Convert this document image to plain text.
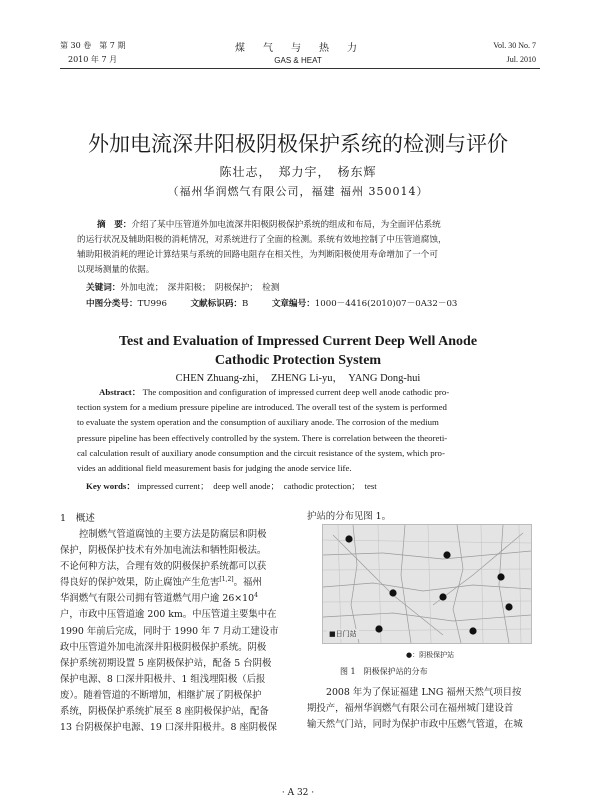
第 30 卷　第 7 期
2010 年 7 月
煤　气　与　热　力
GAS & HEAT
Vol. 30 No. 7
Jul. 2010
外加电流深井阳极阴极保护系统的检测与评价
陈壮志，　郑力宇，　杨东辉
（福州华润燃气有限公司，福建 福州 350014）
摘　要：介绍了某中压管道外加电流深井阳极阴极保护系统的组成和布局，为全面评估系统
的运行状况及辅助阳极的消耗情况，对系统进行了全面的检测。系统有效地控制了中压管道腐蚀，
辅助阳极消耗的理论计算结果与系统的回路电阻存在相关性，为判断阳极使用寿命增加了一个可
以现场测量的依据。
关键词：外加电流；　深井阳极；　阴极保护；　检测
中图分类号：TU996	文献标识码：B	文章编号：1000－4416(2010)07－0A32－03
Test and Evaluation of Impressed Current Deep Well Anode
Cathodic Protection System
CHEN Zhuang-zhi，　ZHENG Li-yu，　YANG Dong-hui
Abstract： The composition and configuration of impressed current deep well anode cathodic pro-
tection system for a medium pressure pipeline are introduced. The overall test of the system is performed
to evaluate the system operation and the consumption of auxiliary anode. The corrosion of the medium
pressure pipeline has been effectively controlled by the system. There is correlation between the theoreti-
cal calculation result of auxiliary anode consumption and the circuit resistance of the system, which pro-
vides an additional field measurement basis for judging the anode service life.
Key words： impressed current；　deep well anode；　cathodic protection；　test
1　概述
控制燃气管道腐蚀的主要方法是防腐层和阴极
保护，阴极保护技术有外加电流法和牺牲阳极法。
不论何种方法，合理有效的阴极保护系统都可以获
得良好的保护效果，防止腐蚀产生危害[1,2]。福州
华润燃气有限公司拥有管道燃气用户逾 $26\times 10^4$
户，市政中压管道逾 200 km。中压管道主要集中在
1990 年前后完成，同时于 1990 年 7 月动工建设市
政中压管道外加电流深井阳极阴极保护系统。阴极
保护系统初期设置 5 座阴极保护站，配备 5 台阴极
保护电源、8 口深井阳极井、1 组浅埋阳极（后报
废）。随着管道的不断增加，相继扩展了阴极保护
系统，阴极保护系统扩展至 8 座阴极保护站，配备
13 台阴极保护电源、19 口深井阳极井。8 座阴极保
护站的分布见图 1。
■日门站
●：阴极保护站
图 1　阴极保护站的分布
2008 年为了保证福建 LNG 福州天然气项目按
期投产，福州华润燃气有限公司在福州城门建设首
输天然气门站，同时为保护市政中压燃气管道，在城
· A 32 ·
